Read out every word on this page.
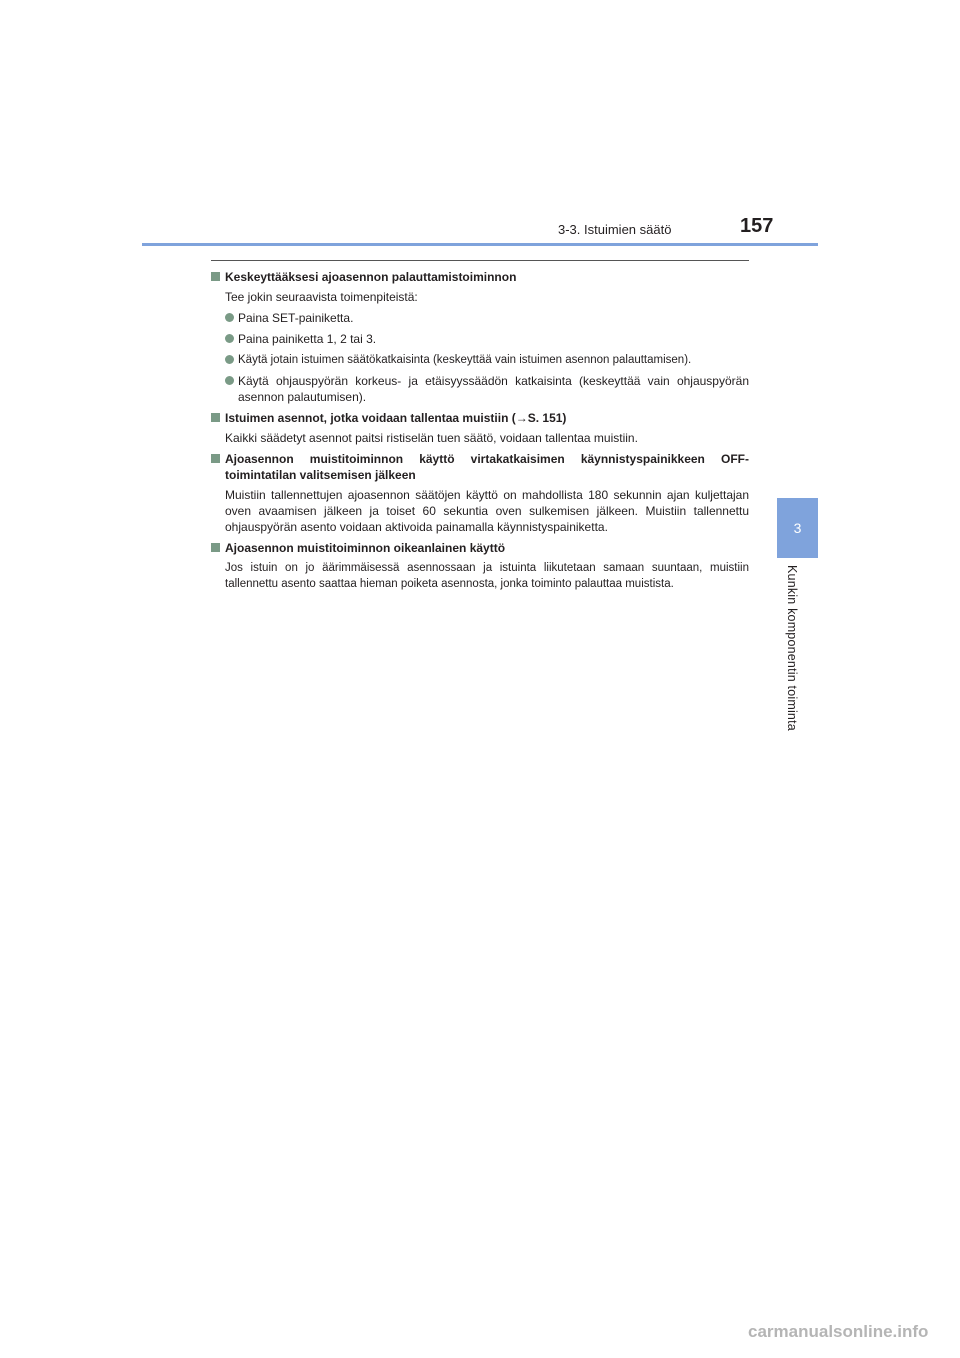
3-3. Istuimien säätö	157
3
Kunkin komponentin toiminta
Keskeyttääksesi ajoasennon palauttamistoiminnon
Tee jokin seuraavista toimenpiteistä:
Paina SET-painiketta.
Paina painiketta 1, 2 tai 3.
Käytä jotain istuimen säätökatkaisinta (keskeyttää vain istuimen asennon palauttamisen).
Käytä ohjauspyörän korkeus- ja etäisyyssäädön katkaisinta (keskeyttää vain ohjauspyörän asennon palautumisen).
Istuimen asennot, jotka voidaan tallentaa muistiin (→S. 151)
Kaikki säädetyt asennot paitsi ristiselän tuen säätö, voidaan tallentaa muistiin.
Ajoasennon muistitoiminnon käyttö virtakatkaisimen käynnistyspainikkeen OFF-toimintatilan valitsemisen jälkeen
Muistiin tallennettujen ajoasennon säätöjen käyttö on mahdollista 180 sekunnin ajan kuljettajan oven avaamisen jälkeen ja toiset 60 sekuntia oven sulkemisen jälkeen. Muistiin tallennettu ohjauspyörän asento voidaan aktivoida painamalla käynnistyspainiketta.
Ajoasennon muistitoiminnon oikeanlainen käyttö
Jos istuin on jo äärimmäisessä asennossaan ja istuinta liikutetaan samaan suuntaan, muistiin tallennettu asento saattaa hieman poiketa asennosta, jonka toiminto palauttaa muistista.
carmanualsonline.info
